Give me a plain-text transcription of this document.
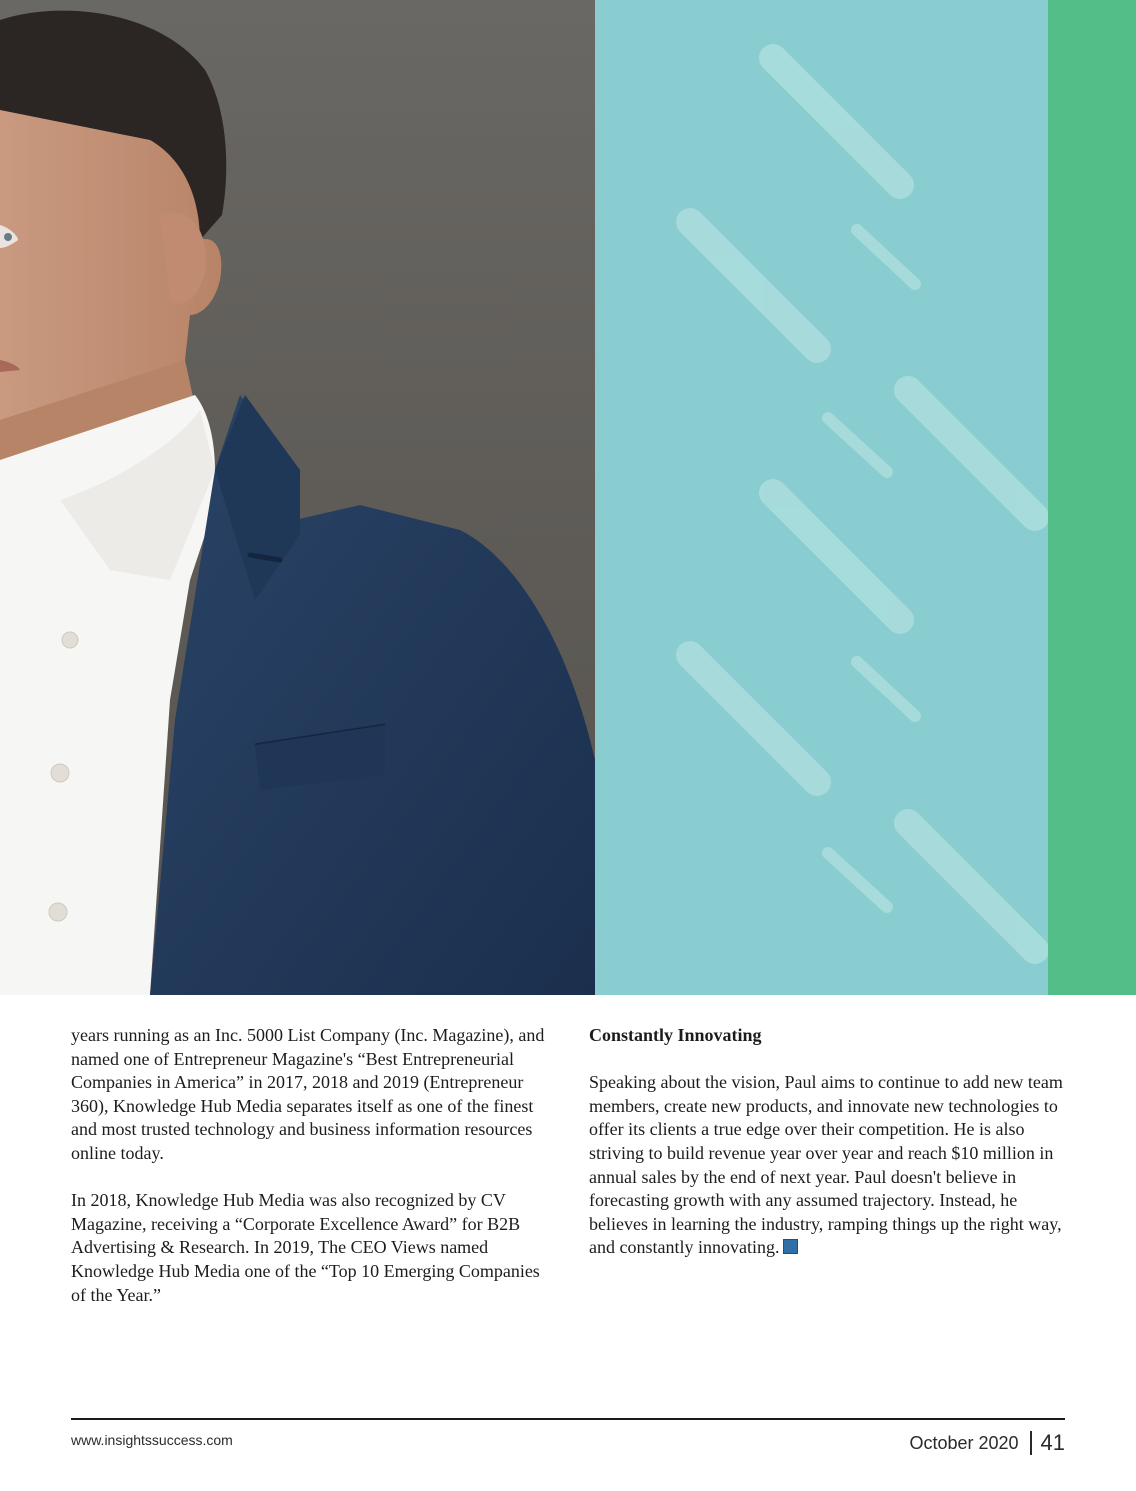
years running as an Inc. 5000 List Company (Inc. Magazine), and named one of Entrepreneur Magazine's “Best Entrepreneurial Companies in America” in 2017, 2018 and 2019 (Entrepreneur 360), Knowledge Hub Media separates itself as one of the finest and most trusted technology and business information resources online today.

In 2018, Knowledge Hub Media was also recognized by CV Magazine, receiving a “Corporate Excellence Award” for B2B Advertising & Research. In 2019, The CEO Views named Knowledge Hub Media one of the “Top 10 Emerging Companies of the Year.”

Constantly Innovating

Speaking about the vision, Paul aims to continue to add new team members, create new products, and innovate new technologies to offer its clients a true edge over their competition. He is also striving to build revenue year over year and reach $10 million in annual sales by the end of next year. Paul doesn't believe in forecasting growth with any assumed trajectory. Instead, he believes in learning the industry, ramping things up the right way, and constantly innovating.

www.insightssuccess.com	October 2020 41
